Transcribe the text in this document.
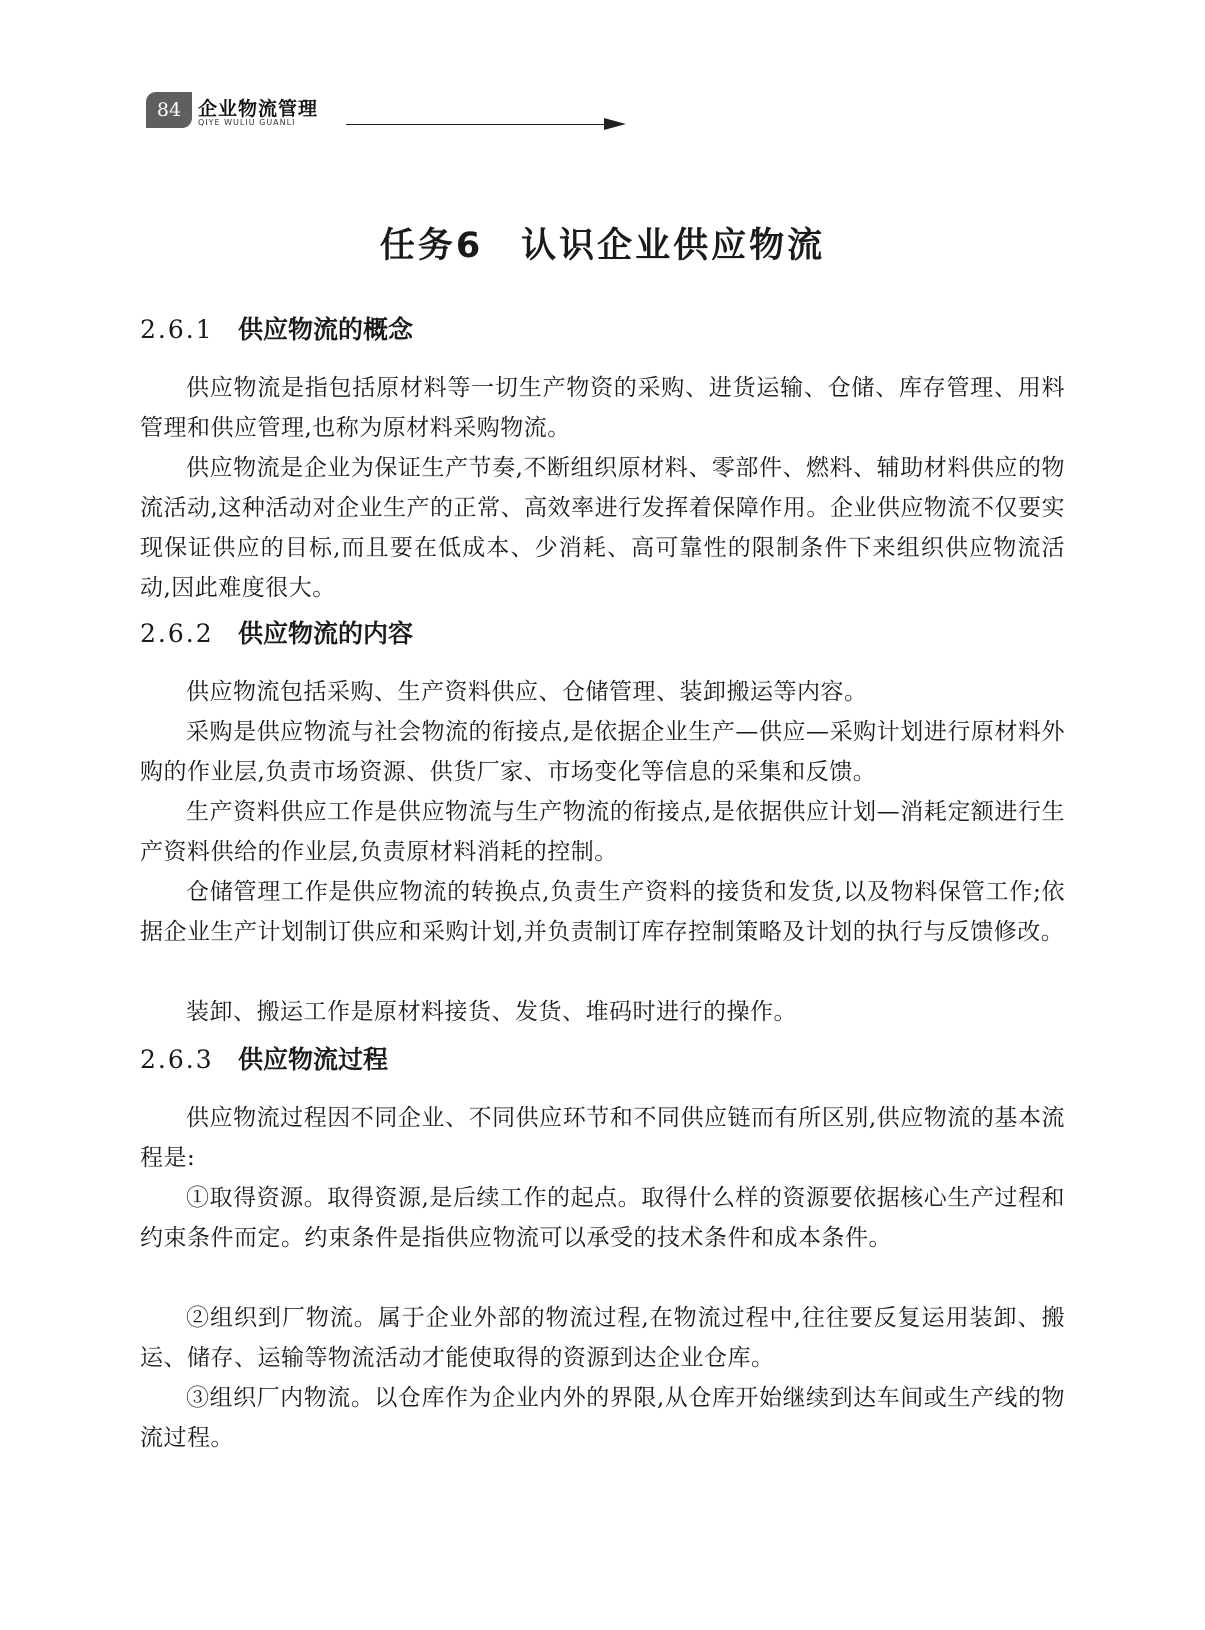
84 企业物流管理
QIYE WULIU GUANLI
任务6　认识企业供应物流
2.6.1 供应物流的概念

供应物流是指包括原材料等一切生产物资的采购、进货运输、仓储、库存管理、用料管理和供应管理,也称为原材料采购物流。

供应物流是企业为保证生产节奏,不断组织原材料、零部件、燃料、辅助材料供应的物流活动,这种活动对企业生产的正常、高效率进行发挥着保障作用。企业供应物流不仅要实现保证供应的目标,而且要在低成本、少消耗、高可靠性的限制条件下来组织供应物流活动,因此难度很大。

2.6.2 供应物流的内容

供应物流包括采购、生产资料供应、仓储管理、装卸搬运等内容。

采购是供应物流与社会物流的衔接点,是依据企业生产—供应—采购计划进行原材料外购的作业层,负责市场资源、供货厂家、市场变化等信息的采集和反馈。

生产资料供应工作是供应物流与生产物流的衔接点,是依据供应计划—消耗定额进行生产资料供给的作业层,负责原材料消耗的控制。

仓储管理工作是供应物流的转换点,负责生产资料的接货和发货,以及物料保管工作;依据企业生产计划制订供应和采购计划,并负责制订库存控制策略及计划的执行与反馈修改。

装卸、搬运工作是原材料接货、发货、堆码时进行的操作。

2.6.3 供应物流过程

供应物流过程因不同企业、不同供应环节和不同供应链而有所区别,供应物流的基本流程是:

①取得资源。取得资源,是后续工作的起点。取得什么样的资源要依据核心生产过程和约束条件而定。约束条件是指供应物流可以承受的技术条件和成本条件。

②组织到厂物流。属于企业外部的物流过程,在物流过程中,往往要反复运用装卸、搬运、储存、运输等物流活动才能使取得的资源到达企业仓库。

③组织厂内物流。以仓库作为企业内外的界限,从仓库开始继续到达车间或生产线的物流过程。
